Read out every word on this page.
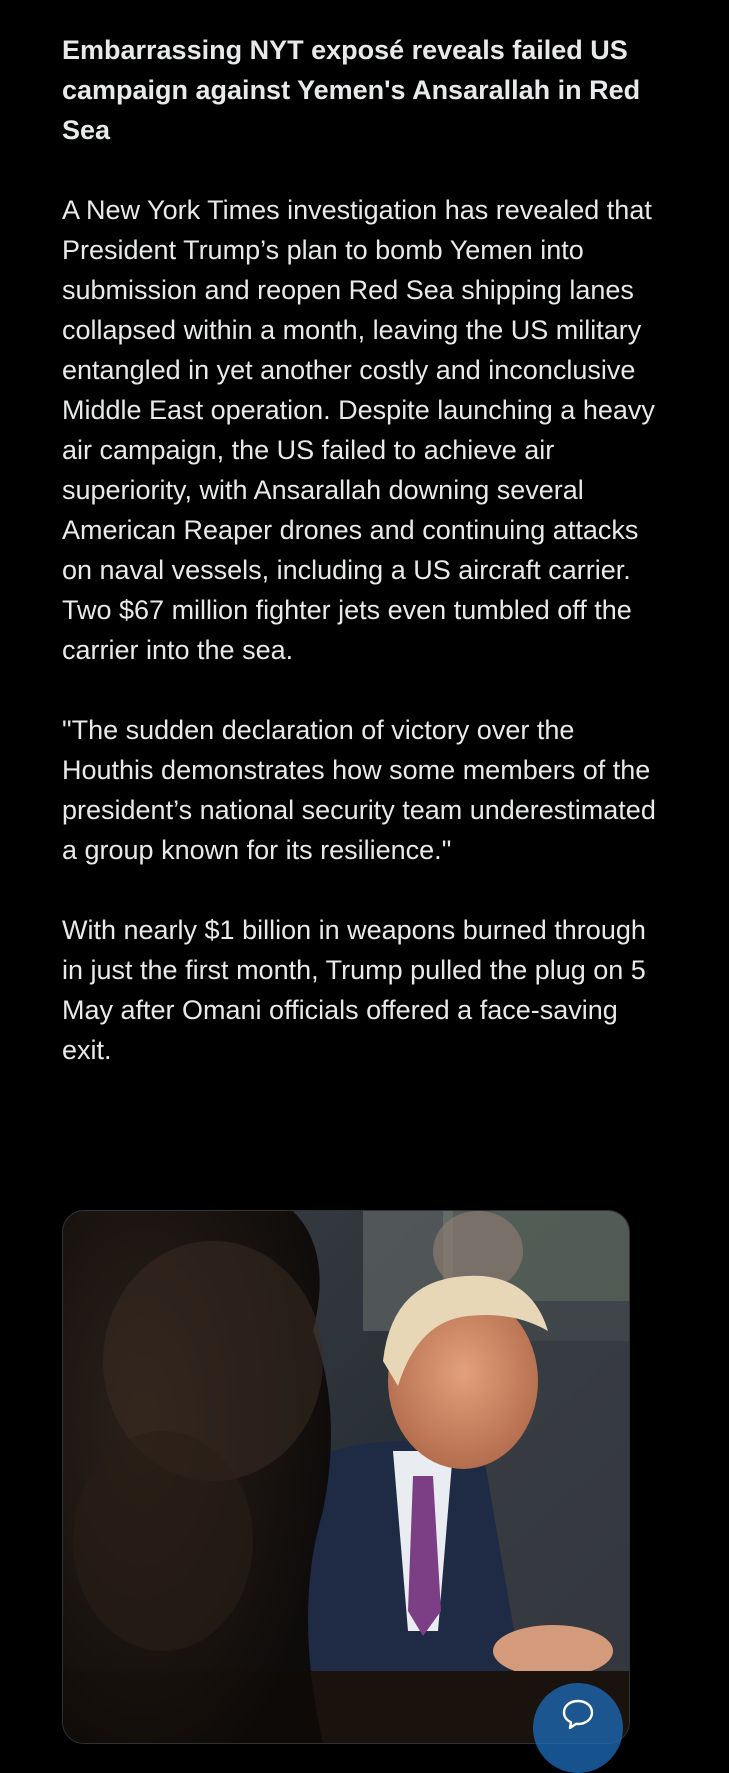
Embarrassing NYT exposé reveals failed US campaign against Yemen's Ansarallah in Red Sea

A New York Times investigation has revealed that President Trump’s plan to bomb Yemen into submission and reopen Red Sea shipping lanes collapsed within a month, leaving the US military entangled in yet another costly and inconclusive Middle East operation. Despite launching a heavy air campaign, the US failed to achieve air superiority, with Ansarallah downing several American Reaper drones and continuing attacks on naval vessels, including a US aircraft carrier. Two $67 million fighter jets even tumbled off the carrier into the sea.

"The sudden declaration of victory over the Houthis demonstrates how some members of the president’s national security team underestimated a group known for its resilience."

With nearly $1 billion in weapons burned through in just the first month, Trump pulled the plug on 5 May after Omani officials offered a face-saving exit.
